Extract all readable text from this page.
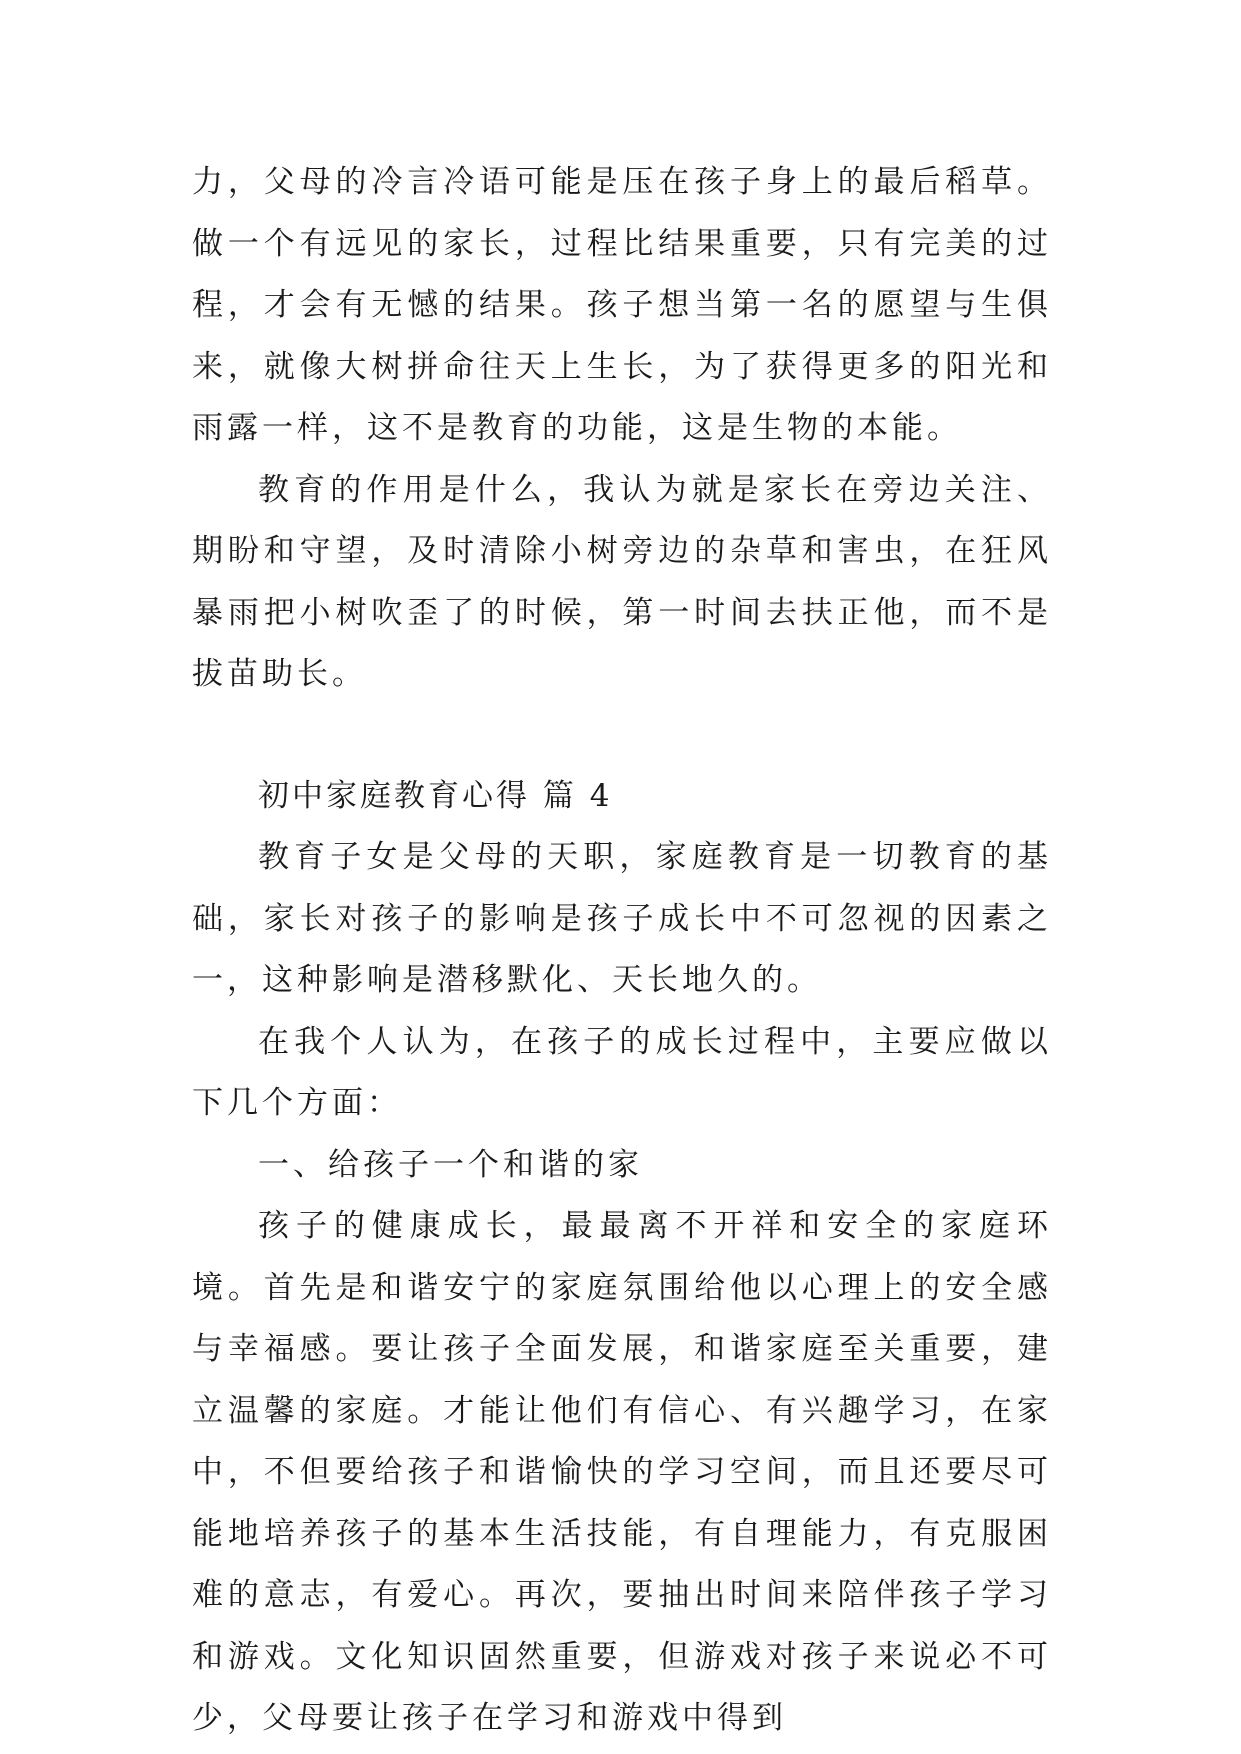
力，父母的冷言冷语可能是压在孩子身上的最后稻草。做一个有远见的家长，过程比结果重要，只有完美的过程，才会有无憾的结果。孩子想当第一名的愿望与生俱来，就像大树拼命往天上生长，为了获得更多的阳光和雨露一样，这不是教育的功能，这是生物的本能。

教育的作用是什么，我认为就是家长在旁边关注、期盼和守望，及时清除小树旁边的杂草和害虫，在狂风暴雨把小树吹歪了的时候，第一时间去扶正他，而不是拔苗助长。

初中家庭教育心得 篇 4

教育子女是父母的天职，家庭教育是一切教育的基础，家长对孩子的影响是孩子成长中不可忽视的因素之一，这种影响是潜移默化、天长地久的。

在我个人认为，在孩子的成长过程中，主要应做以下几个方面：

一、给孩子一个和谐的家

孩子的健康成长，最最离不开祥和安全的家庭环境。首先是和谐安宁的家庭氛围给他以心理上的安全感与幸福感。要让孩子全面发展，和谐家庭至关重要，建立温馨的家庭。才能让他们有信心、有兴趣学习，在家中，不但要给孩子和谐愉快的学习空间，而且还要尽可能地培养孩子的基本生活技能，有自理能力，有克服困难的意志，有爱心。再次，要抽出时间来陪伴孩子学习和游戏。文化知识固然重要，但游戏对孩子来说必不可少，父母要让孩子在学习和游戏中得到
